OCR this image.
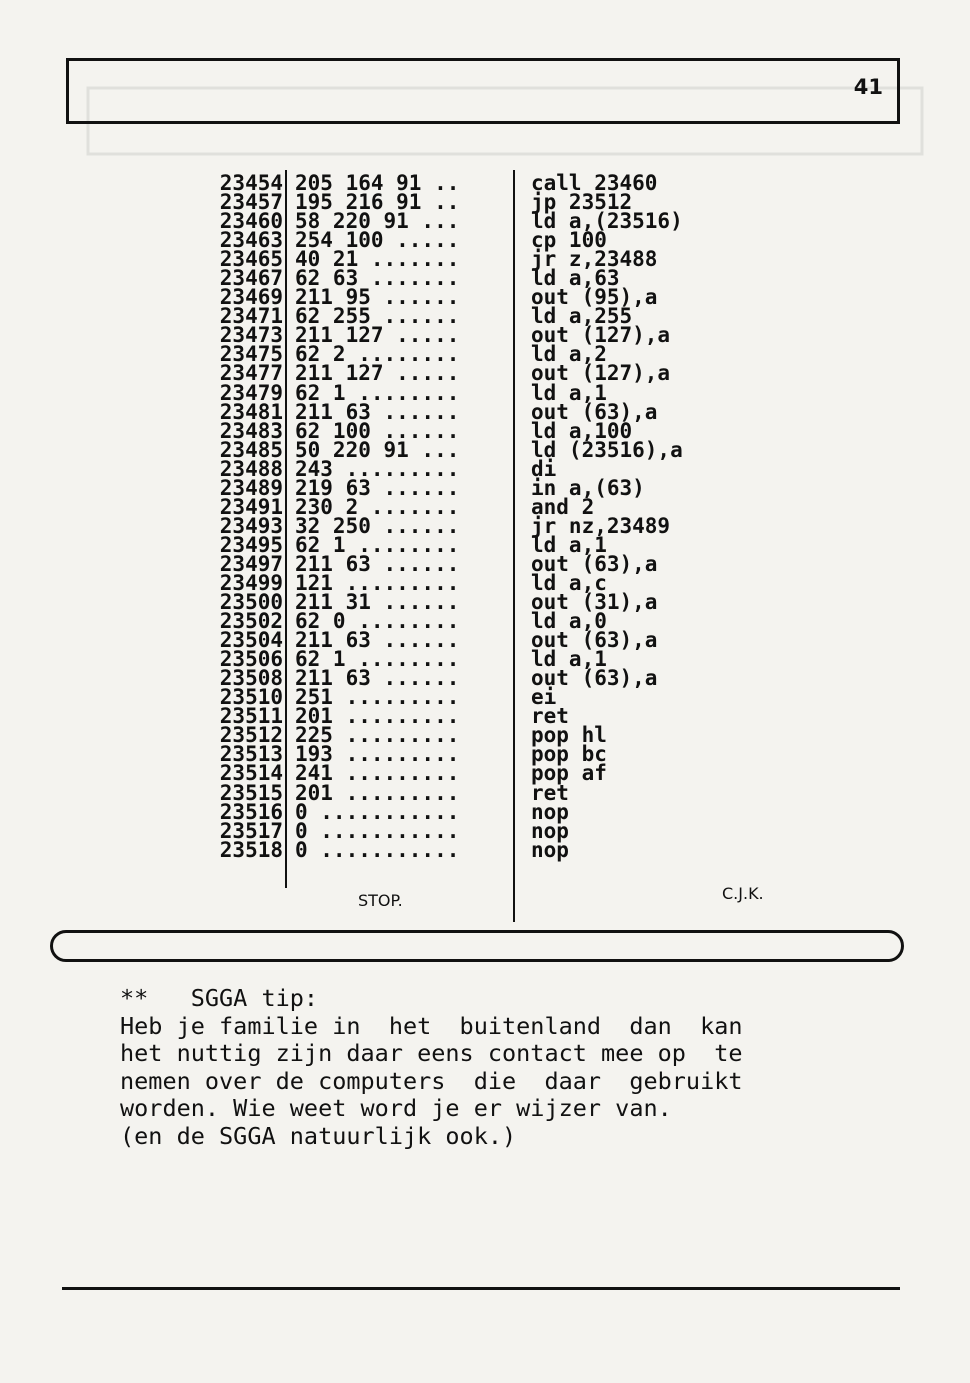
41
23454 205 164 91 ..	call 23460
23457 195 216 91 ..	jp 23512
23460 58 220 91 ...	ld a,(23516)
23463 254 100 .....	cp 100
23465 40 21 .......	jr z,23488
23467 62 63 .......	ld a,63
23469 211 95 ......	out (95),a
23471 62 255 ......	ld a,255
23473 211 127 .....	out (127),a
23475 62 2 ........	ld a,2
23477 211 127 .....	out (127),a
23479 62 1 ........	ld a,1
23481 211 63 ......	out (63),a
23483 62 100 ......	ld a,100
23485 50 220 91 ...	ld (23516),a
23488 243 .........	di
23489 219 63 ......	in a,(63)
23491 230 2 .......	and 2
23493 32 250 ......	jr nz,23489
23495 62 1 ........	ld a,1
23497 211 63 ......	out (63),a
23499 121 .........	ld a,c
23500 211 31 ......	out (31),a
23502 62 0 ........	ld a,0
23504 211 63 ......	out (63),a
23506 62 1 ........	ld a,1
23508 211 63 ......	out (63),a
23510 251 .........	ei
23511 201 .........	ret
23512 225 .........	pop hl
23513 193 .........	pop bc
23514 241 .........	pop af
23515 201 .........	ret
23516 0 ...........	nop
23517 0 ...........	nop
23518 0 ...........	nop
STOP.	C.J.K.
**   SGGA tip:
Heb je familie in  het  buitenland  dan  kan
het nuttig zijn daar eens contact mee op  te
nemen over de computers  die  daar  gebruikt
worden. Wie weet word je er wijzer van.
(en de SGGA natuurlijk ook.)
